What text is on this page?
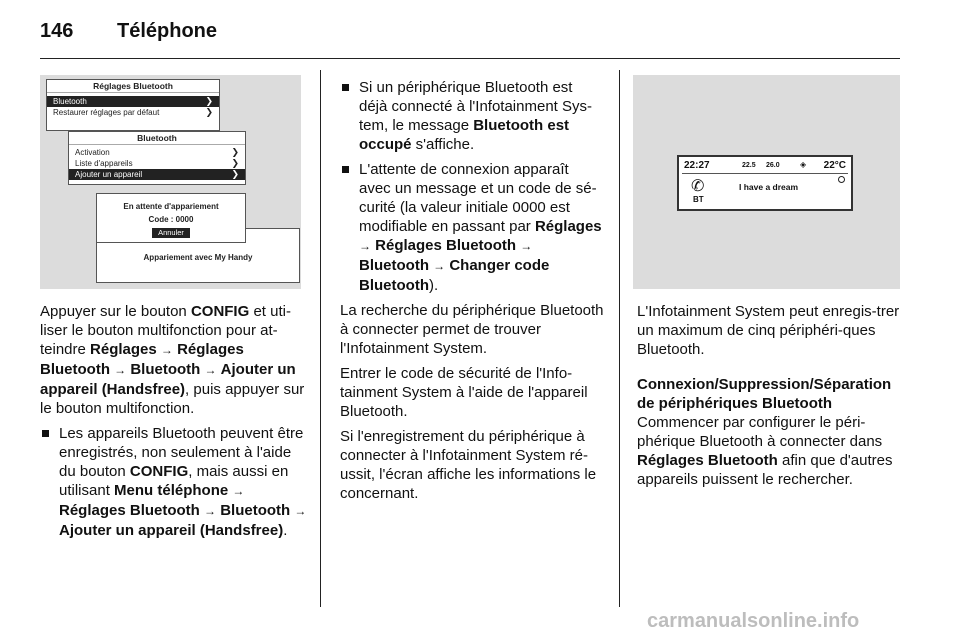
146 Téléphone
Réglages Bluetooth
Bluetooth	❯
Restaurer réglages par défaut	❯
Bluetooth
Activation	❯
Liste d'appareils	❯
Ajouter un appareil	❯
Appariement avec My Handy
En attente d'appariement
Code : 0000
Annuler

Appuyer sur le bouton CONFIG et uti-liser le bouton multifonction pour at-teindre Réglages → Réglages Bluetooth → Bluetooth → Ajouter un appareil (Handsfree), puis appuyer sur le bouton multifonction.

Les appareils Bluetooth peuvent être enregistrés, non seulement à l'aide du bouton CONFIG, mais aussi en utilisant Menu téléphone → Réglages Bluetooth → Bluetooth → Ajouter un appareil (Handsfree).
Si un périphérique Bluetooth est déjà connecté à l'Infotainment Sys-tem, le message Bluetooth est occupé s'affiche.
L'attente de connexion apparaît avec un message et un code de sé-curité (la valeur initiale 0000 est modifiable en passant par Réglages → Réglages Bluetooth → Bluetooth → Changer code Bluetooth).

La recherche du périphérique Bluetooth à connecter permet de trouver l'Infotainment System.

Entrer le code de sécurité de l'Info-tainment System à l'aide de l'appareil Bluetooth.

Si l'enregistrement du périphérique à connecter à l'Infotainment System ré-ussit, l'écran affiche les informations le concernant.

22:27	22.5 26.0	◈ 22°C
✆	I have a dream
BT

L'Infotainment System peut enregis-trer un maximum de cinq périphéri-ques Bluetooth.

Connexion/Suppression/Séparation de périphériques Bluetooth

Commencer par configurer le péri-phérique Bluetooth à connecter dans Réglages Bluetooth afin que d'autres appareils puissent le rechercher.

carmanualsonline.info
